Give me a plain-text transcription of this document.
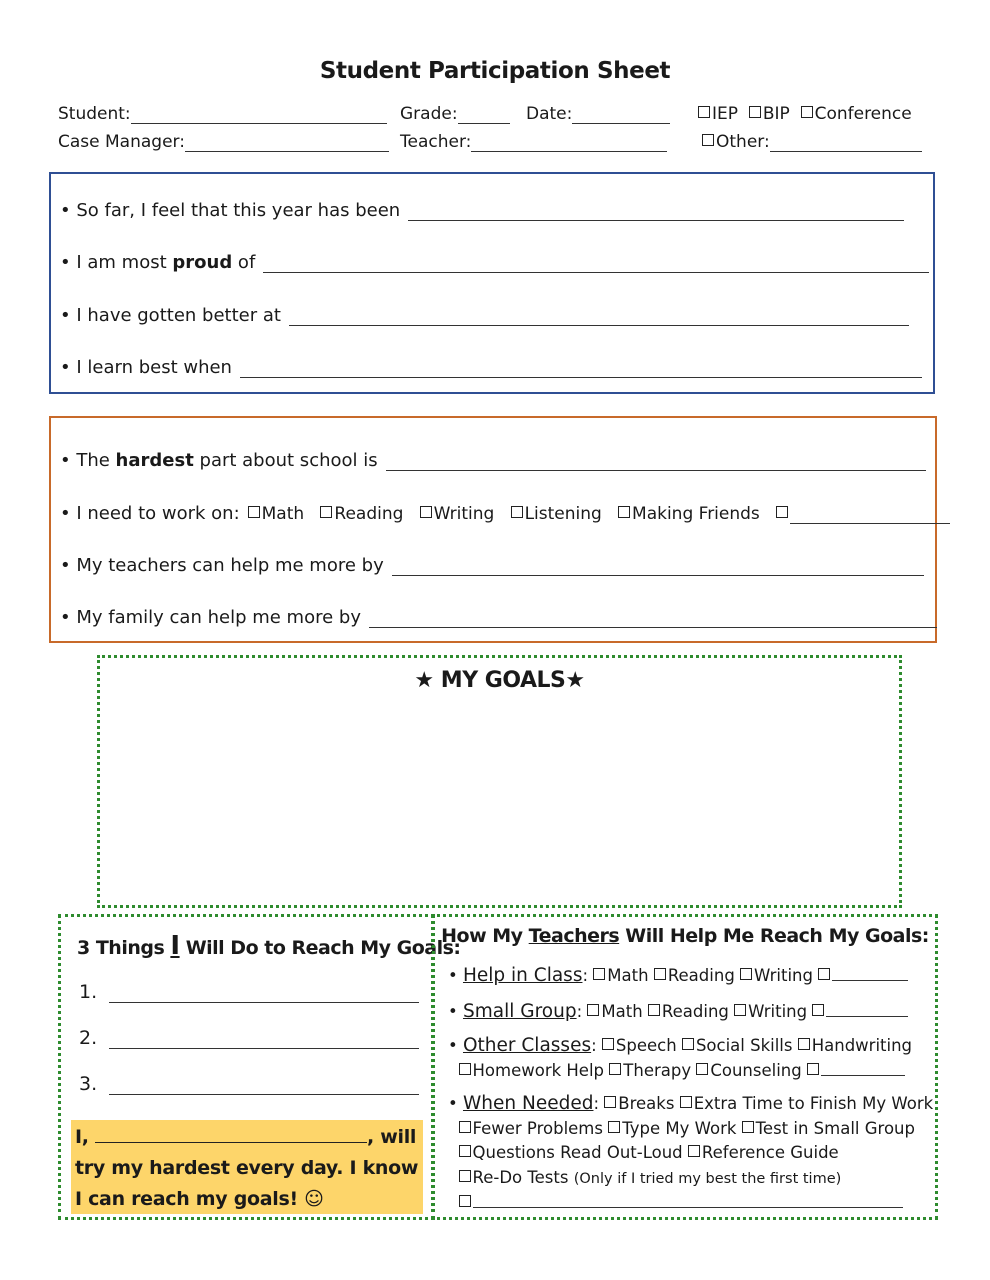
Student Participation Sheet
Student:	Grade:	Date:	IEP BIP Conference
Case Manager:	Teacher:	Other:
• So far, I feel that this year has been
• I am most proud of
• I have gotten better at
• I learn best when
• The hardest part about school is
• I need to work on:	Math Reading Writing Listening Making Friends
• My teachers can help me more by
• My family can help me more by
★ MY GOALS★
3 Things I Will Do to Reach My Goals:
1.
2.
3.
I,	, will try my hardest every day. I know I can reach my goals! ☺
How My Teachers Will Help Me Reach My Goals:
• Help in Class: Math Reading Writing
• Small Group: Math Reading Writing
• Other Classes: Speech Social Skills Handwriting
Homework Help Therapy Counseling
• When Needed: Breaks Extra Time to Finish My Work
Fewer Problems Type My Work Test in Small Group
Questions Read Out-Loud Reference Guide
Re-Do Tests (Only if I tried my best the first time)
